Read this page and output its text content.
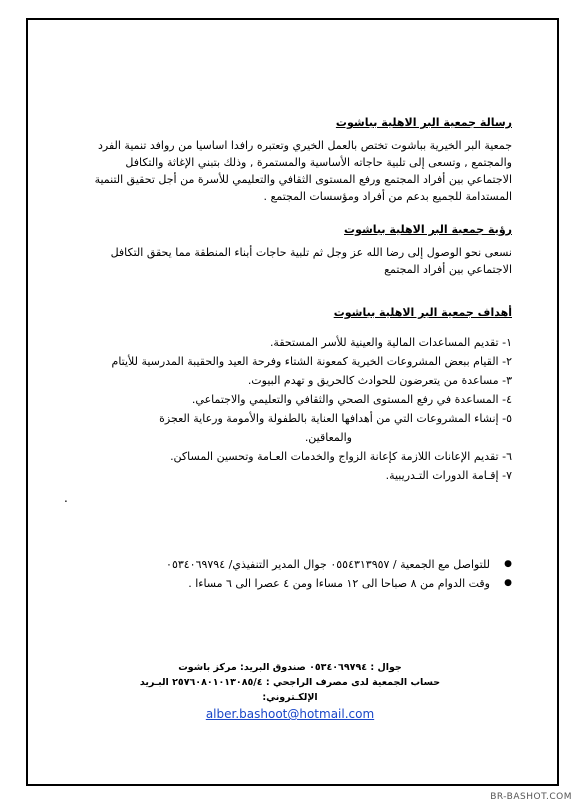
رسالة جمعية البر الاهلية بباشوت

جمعية البر الخيرية بباشوت تختص بالعمل الخيري وتعتبره رافدا اساسيا من روافد تنمية الفرد

والمجتمع , وتسعى إلى تلبية حاجاته الأساسية والمستمرة , وذلك بتبني الإغاثة والتكافل

الاجتماعي بين أفراد المجتمع ورفع المستوى الثقافي والتعليمي للأسرة من أجل تحقيق التنمية

المستدامة للجميع بدعم من أفراد ومؤسسات المجتمع .

رؤية جمعية البر الاهلية بباشوت

نسعى نحو الوصول إلى رضا الله عز وجل ثم تلبية حاجات أبناء المنطقة مما يحقق التكافل

الاجتماعي بين أفراد المجتمع

أهداف جمعية البر الاهلية بباشوت

١- تقديم المساعدات المالية والعينية للأسر المستحقة.

٢- القيام ببعض المشروعات الخيرية كمعونة الشتاء وفرحة العيد والحقيبة المدرسية للأيتام

٣- مساعدة من يتعرضون للحوادث كالحريق و تهدم البيوت.

٤- المساعدة في رفع المستوى الصحي والثقافي والتعليمي والاجتماعي.

٥- إنشاء المشروعات التي من أهدافها العناية بالطفولة والأمومة ورعاية العجزة

والمعاقين.

٦- تقديم الإعانات اللازمة كإعانة الزواج والخدمات العـامة وتحسين المساكن.

٧- إقـامة الدورات التـدريبية.

.

●
للتواصل مع الجمعية / ٠٥٥٤٣١٣٩٥٧ جوال المدير التنفيذي/ ٠٥٣٤٠٦٩٧٩٤
●
وقت الدوام من ٨ صباحا الى ١٢ مساءا ومن ٤ عصرا الى ٦ مساءا .
جوال : ٠٥٣٤٠٦٩٧٩٤ صندوق البريد: مركز باشوت
حساب الجمعية لدى مصرف الراجحي : ٢٥٧٦٠٨٠١٠١٣٠٨٥/٤ البـريد الإلكـتروني:
alber.bashoot@hotmail.com
BR-BASHOT.COM
